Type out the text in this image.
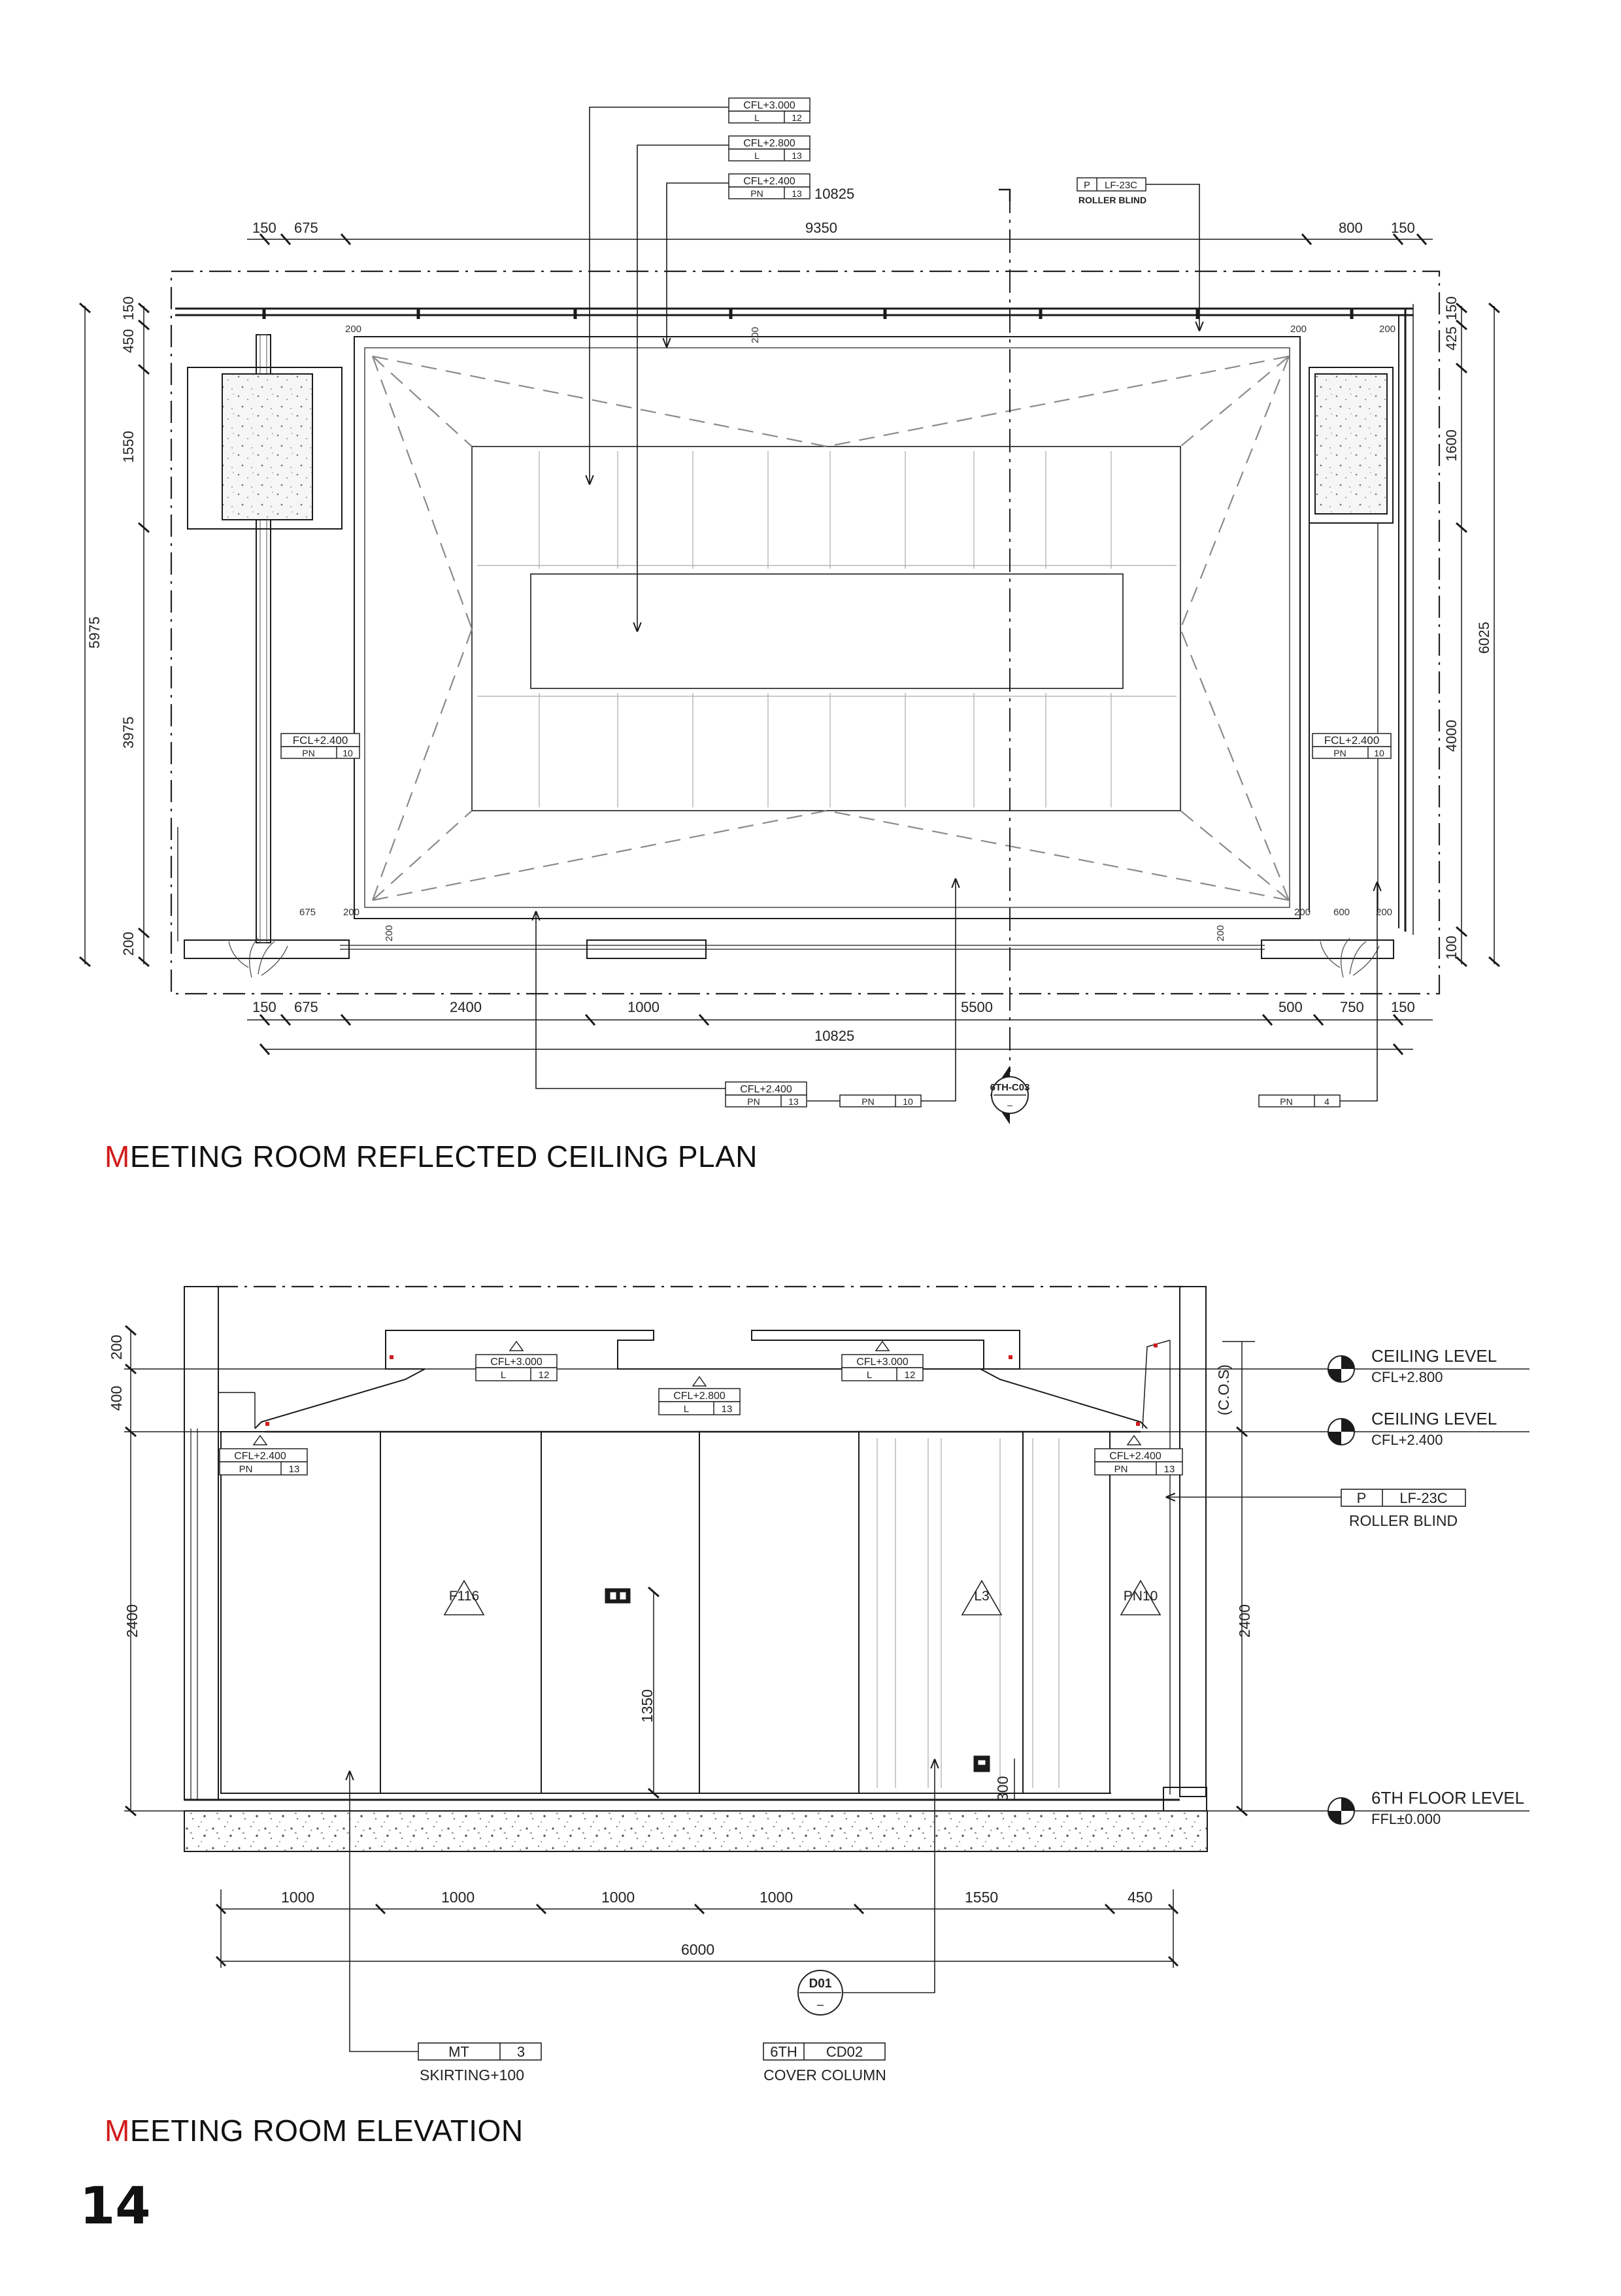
150 675	9350	800 150
10825
150 675	2400	1000	5500	500	750 150
10825
150
450
1550
3975
200
5975
150
425
1600
4000
100
6025
200	200	200
200
675	200
200
200
200
600	200
CFL+3.000
L	12
CFL+2.800
L	13
CFL+2.400
PN	13
P LF-23C
ROLLER BLIND
FCL+2.400
PN	10
FCL+2.400
PN	10
CFL+2.400
PN	13	PN	10	PN	4
6TH-C03
–
200
400
2400	2400
1350
300
1000	1000	1000	1000	1550	450
6000
CFL+3.000
L	12
CFL+2.800
L	13
CFL+3.000
L	12
CFL+2.400
PN	13
CFL+2.400
PN	13
F116	L3	PN10
CEILING LEVEL
CFL+2.800
CEILING LEVEL
CFL+2.400
6TH FLOOR LEVEL
FFL±0.000
(C.O.S)
P LF-23C
ROLLER BLIND
MT	3
SKIRTING+100
D01
–
6TH CD02
COVER COLUMN
MEETING ROOM REFLECTED CEILING PLAN
MEETING ROOM ELEVATION
14
